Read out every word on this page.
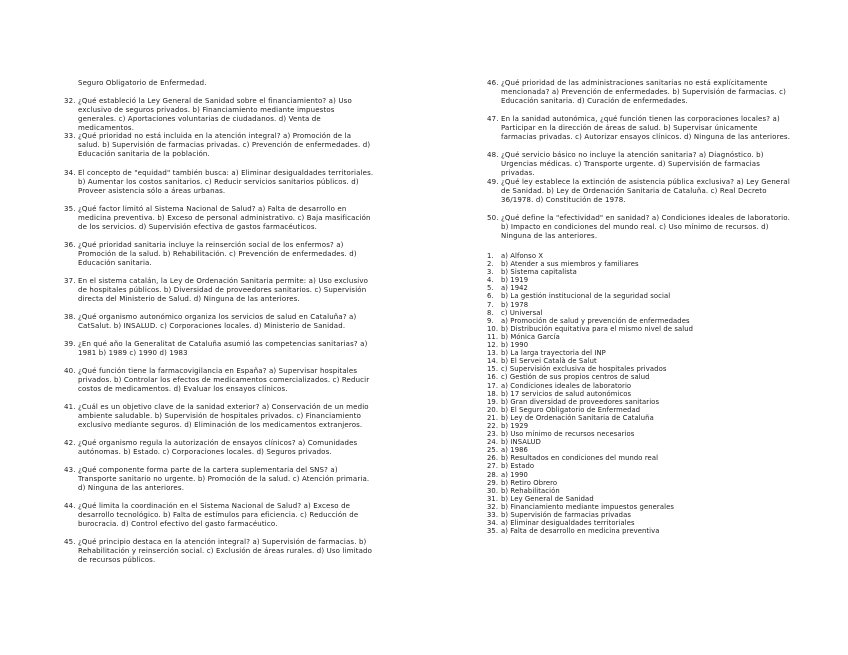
Seguro Obligatorio de Enfermedad.
32. ¿Qué estableció la Ley General de Sanidad sobre el financiamiento? a) Uso exclusivo de seguros privados. b) Financiamiento mediante impuestos generales. c) Aportaciones voluntarias de ciudadanos. d) Venta de medicamentos.
33. ¿Qué prioridad no está incluida en la atención integral? a) Promoción de la salud. b) Supervisión de farmacias privadas. c) Prevención de enfermedades. d) Educación sanitaria de la población.
34. El concepto de "equidad" también busca: a) Eliminar desigualdades territoriales. b) Aumentar los costos sanitarios. c) Reducir servicios sanitarios públicos. d) Proveer asistencia sólo a áreas urbanas.
35. ¿Qué factor limitó al Sistema Nacional de Salud? a) Falta de desarrollo en medicina preventiva. b) Exceso de personal administrativo. c) Baja masificación de los servicios. d) Supervisión efectiva de gastos farmacéuticos.
36. ¿Qué prioridad sanitaria incluye la reinserción social de los enfermos? a) Promoción de la salud. b) Rehabilitación. c) Prevención de enfermedades. d) Educación sanitaria.
37. En el sistema catalán, la Ley de Ordenación Sanitaria permite: a) Uso exclusivo de hospitales públicos. b) Diversidad de proveedores sanitarios. c) Supervisión directa del Ministerio de Salud. d) Ninguna de las anteriores.
38. ¿Qué organismo autonómico organiza los servicios de salud en Cataluña? a) CatSalut. b) INSALUD. c) Corporaciones locales. d) Ministerio de Sanidad.
39. ¿En qué año la Generalitat de Cataluña asumió las competencias sanitarias? a) 1981 b) 1989 c) 1990 d) 1983
40. ¿Qué función tiene la farmacovigilancia en España? a) Supervisar hospitales privados. b) Controlar los efectos de medicamentos comercializados. c) Reducir costos de medicamentos. d) Evaluar los ensayos clínicos.
41. ¿Cuál es un objetivo clave de la sanidad exterior? a) Conservación de un medio ambiente saludable. b) Supervisión de hospitales privados. c) Financiamiento exclusivo mediante seguros. d) Eliminación de los medicamentos extranjeros.
42. ¿Qué organismo regula la autorización de ensayos clínicos? a) Comunidades autónomas. b) Estado. c) Corporaciones locales. d) Seguros privados.
43. ¿Qué componente forma parte de la cartera suplementaria del SNS? a) Transporte sanitario no urgente. b) Promoción de la salud. c) Atención primaria. d) Ninguna de las anteriores.
44. ¿Qué limita la coordinación en el Sistema Nacional de Salud? a) Exceso de desarrollo tecnológico. b) Falta de estímulos para eficiencia. c) Reducción de burocracia. d) Control efectivo del gasto farmacéutico.
45. ¿Qué principio destaca en la atención integral? a) Supervisión de farmacias. b) Rehabilitación y reinserción social. c) Exclusión de áreas rurales. d) Uso limitado de recursos públicos.
46. ¿Qué prioridad de las administraciones sanitarias no está explícitamente mencionada? a) Prevención de enfermedades. b) Supervisión de farmacias. c) Educación sanitaria. d) Curación de enfermedades.
47. En la sanidad autonómica, ¿qué función tienen las corporaciones locales? a) Participar en la dirección de áreas de salud. b) Supervisar únicamente farmacias privadas. c) Autorizar ensayos clínicos. d) Ninguna de las anteriores.
48. ¿Qué servicio básico no incluye la atención sanitaria? a) Diagnóstico. b) Urgencias médicas. c) Transporte urgente. d) Supervisión de farmacias privadas.
49. ¿Qué ley establece la extinción de asistencia pública exclusiva? a) Ley General de Sanidad. b) Ley de Ordenación Sanitaria de Cataluña. c) Real Decreto 36/1978. d) Constitución de 1978.
50. ¿Qué define la "efectividad" en sanidad? a) Condiciones ideales de laboratorio. b) Impacto en condiciones del mundo real. c) Uso mínimo de recursos. d) Ninguna de las anteriores.
1.	a) Alfonso X
2.	b) Atender a sus miembros y familiares
3.	b) Sistema capitalista
4.	b) 1919
5.	a) 1942
6.	b) La gestión institucional de la seguridad social
7.	b) 1978
8.	c) Universal
9.	a) Promoción de salud y prevención de enfermedades
10. b) Distribución equitativa para el mismo nivel de salud
11. b) Mónica García
12. b) 1990
13. b) La larga trayectoria del INP
14. b) El Servei Català de Salut
15. c) Supervisión exclusiva de hospitales privados
16. c) Gestión de sus propios centros de salud
17. a) Condiciones ideales de laboratorio
18. b) 17 servicios de salud autonómicos
19. b) Gran diversidad de proveedores sanitarios
20. b) El Seguro Obligatorio de Enfermedad
21. b) Ley de Ordenación Sanitaria de Cataluña
22. b) 1929
23. b) Uso mínimo de recursos necesarios
24. b) INSALUD
25. a) 1986
26. b) Resultados en condiciones del mundo real
27. b) Estado
28. a) 1990
29. b) Retiro Obrero
30. b) Rehabilitación
31. b) Ley General de Sanidad
32. b) Financiamiento mediante impuestos generales
33. b) Supervisión de farmacias privadas
34. a) Eliminar desigualdades territoriales
35. a) Falta de desarrollo en medicina preventiva
